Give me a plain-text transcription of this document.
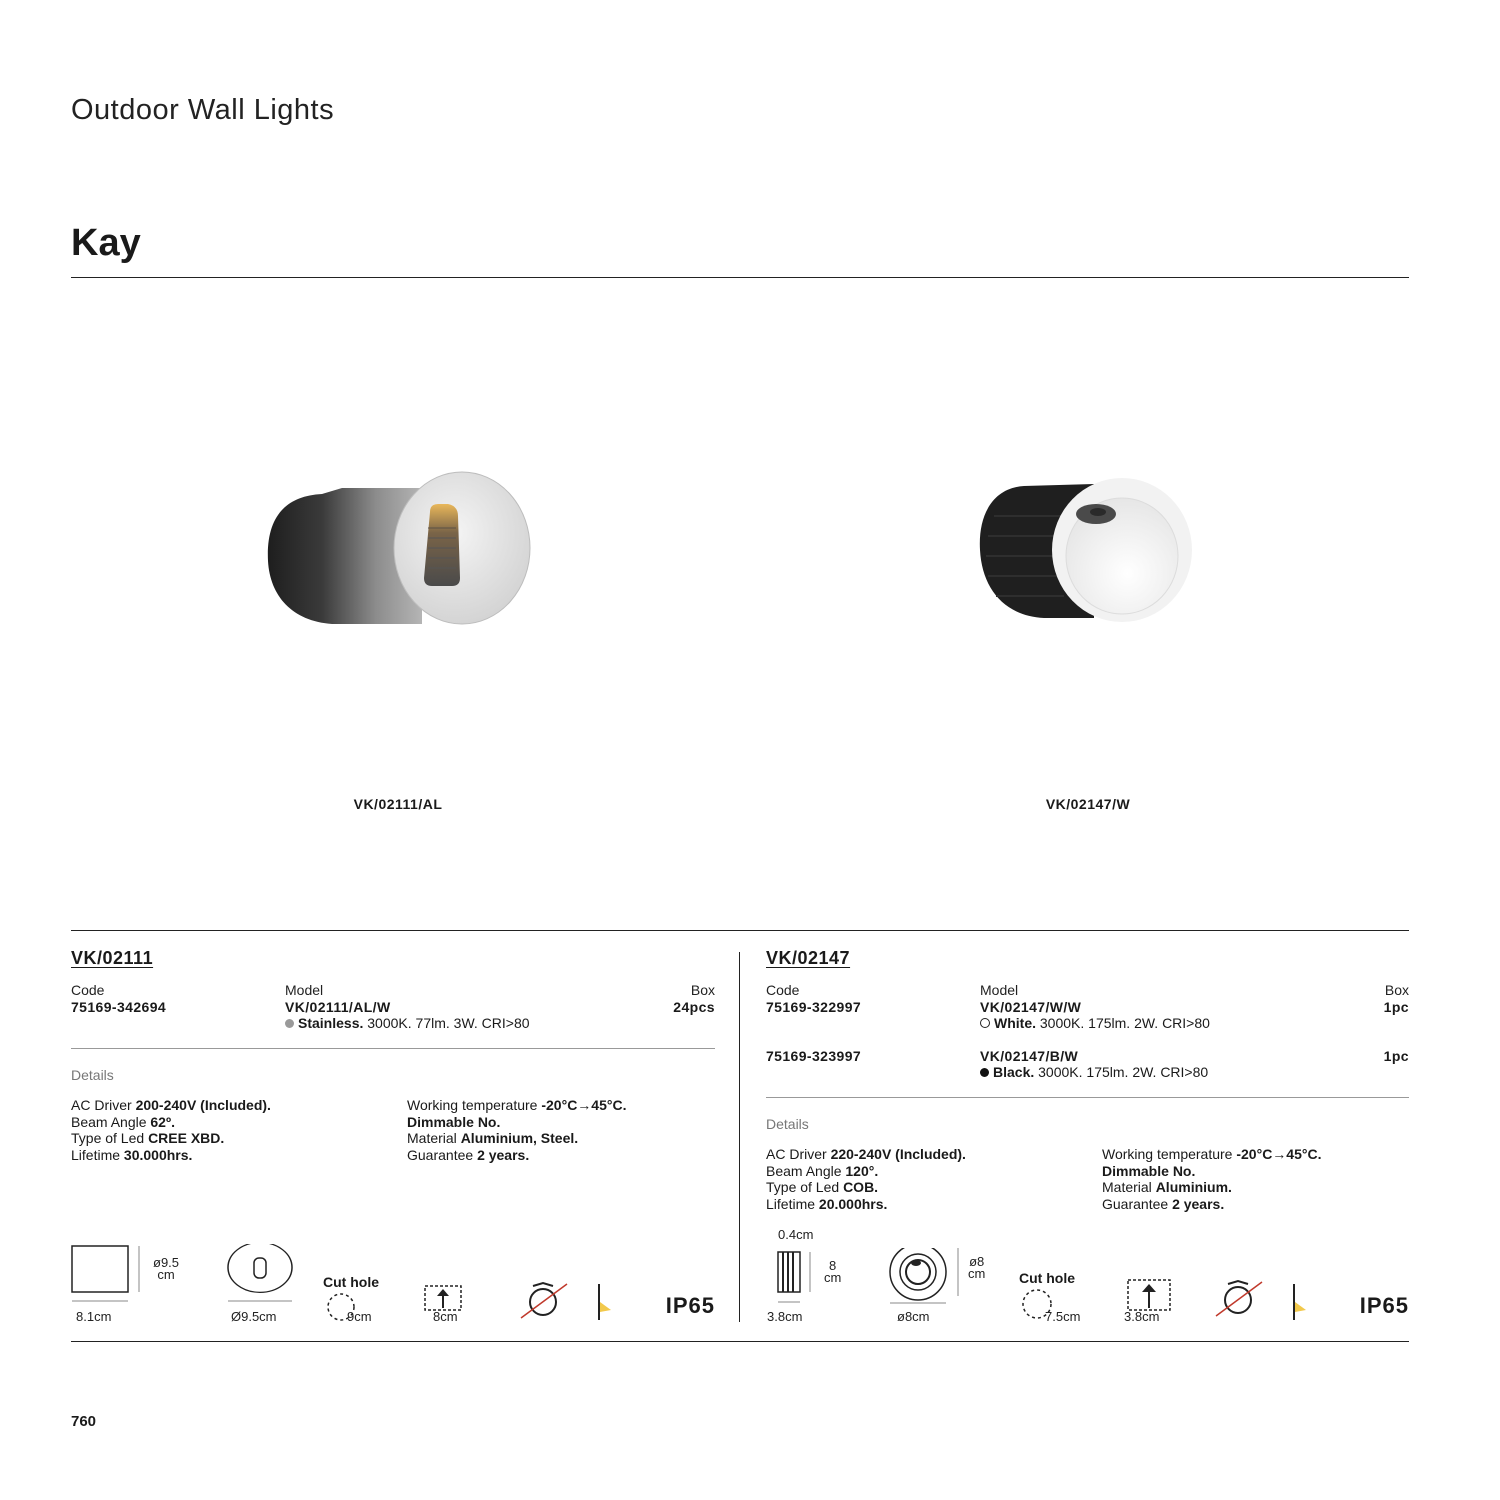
Outdoor Wall Lights
Kay
VK/02111/AL	VK/02147/W
VK/02111
Code	Model	Box
75169-342694	VK/02111/AL/W	24pcs
Stainless. 3000K. 77lm. 3W. CRI>80
Details
AC Driver 200-240V (Included).
Beam Angle 62º.
Type of Led CREE XBD.
Lifetime 30.000hrs.
Working temperature -20°C→45°C.
Dimmable No.
Material Aluminium, Steel.
Guarantee 2 years.
ø9.5
cm
8.1cm	Ø9.5cm
Cut hole
9cm	8cm	IP65
VK/02147
Code	Model	Box
75169-322997	VK/02147/W/W	1pc
White. 3000K. 175lm. 2W. CRI>80
75169-323997	VK/02147/B/W	1pc
Black. 3000K. 175lm. 2W. CRI>80
Details
AC Driver 220-240V (Included).
Beam Angle 120°.
Type of Led COB.
Lifetime 20.000hrs.
Working temperature -20°C→45°C.
Dimmable No.
Material Aluminium.
Guarantee 2 years.
0.4cm
8
cm
3.8cm
ø8
cm
ø8cm
Cut hole
7.5cm	3.8cm	IP65
760
